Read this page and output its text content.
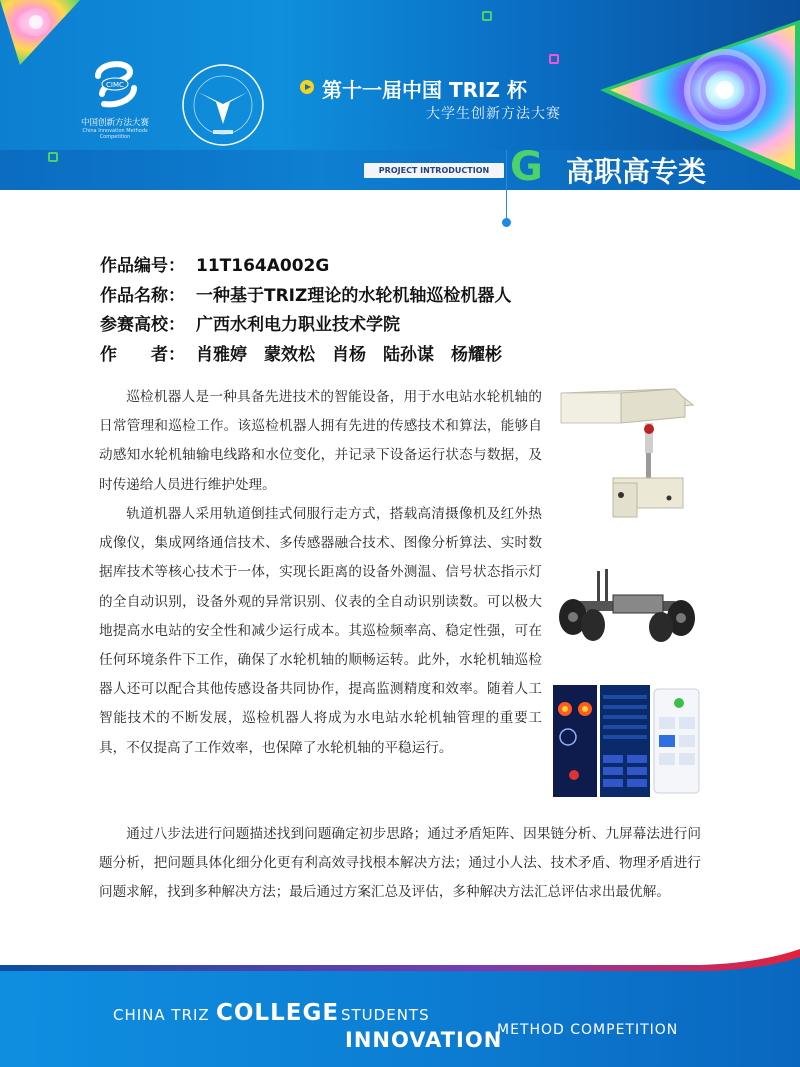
CIMC
中国创新方法大赛
China Innovation Methods Competition
第十一届中国 TRIZ 杯
大学生创新方法大赛
PROJECT INTRODUCTION G 高职高专类
作品编号： 11T164A002G
作品名称： 一种基于TRIZ理论的水轮机轴巡检机器人
参赛高校： 广西水利电力职业技术学院
作　　者： 肖雅婷　蒙效松　肖杨　陆孙谋　杨耀彬
巡检机器人是一种具备先进技术的智能设备，用于水电站水轮机轴的日常管理和巡检工作。该巡检机器人拥有先进的传感技术和算法，能够自动感知水轮机轴输电线路和水位变化，并记录下设备运行状态与数据，及时传递给人员进行维护处理。
轨道机器人采用轨道倒挂式伺服行走方式，搭载高清摄像机及红外热成像仪，集成网络通信技术、多传感器融合技术、图像分析算法、实时数据库技术等核心技术于一体，实现长距离的设备外测温、信号状态指示灯的全自动识别，设备外观的异常识别、仪表的全自动识别读数。可以极大地提高水电站的安全性和减少运行成本。其巡检频率高、稳定性强，可在任何环境条件下工作，确保了水轮机轴的顺畅运转。此外，水轮机轴巡检器人还可以配合其他传感设备共同协作，提高监测精度和效率。随着人工智能技术的不断发展，巡检机器人将成为水电站水轮机轴管理的重要工具，不仅提高了工作效率，也保障了水轮机轴的平稳运行。
通过八步法进行问题描述找到问题确定初步思路；通过矛盾矩阵、因果链分析、九屏幕法进行问题分析，把问题具体化细分化更有利高效寻找根本解决方法；通过小人法、技术矛盾、物理矛盾进行问题求解，找到多种解决方法；最后通过方案汇总及评估，多种解决方法汇总评估求出最优解。
CHINA TRIZ COLLEGE STUDENTS
INNOVATION
METHOD COMPETITION
